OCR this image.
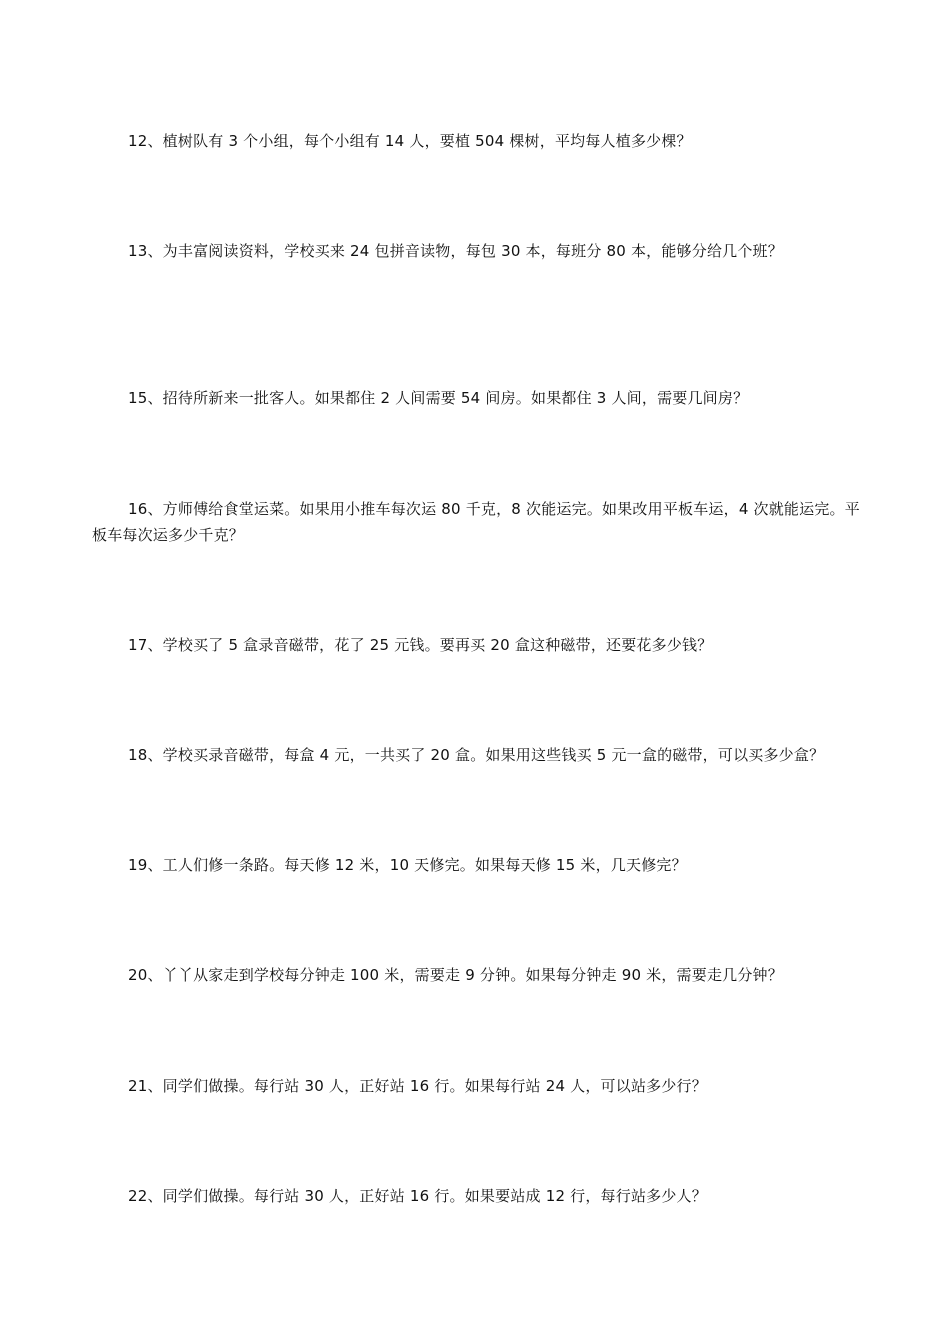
12、植树队有 3 个小组，每个小组有 14 人，要植 504 棵树，平均每人植多少棵？

13、为丰富阅读资料，学校买来 24 包拼音读物，每包 30 本，每班分 80 本，能够分给几个班？

15、招待所新来一批客人。如果都住 2 人间需要 54 间房。如果都住 3 人间，需要几间房？

16、方师傅给食堂运菜。如果用小推车每次运 80 千克，8 次能运完。如果改用平板车运，4 次就能运完。平板车每次运多少千克？

17、学校买了 5 盒录音磁带，花了 25 元钱。要再买 20 盒这种磁带，还要花多少钱？

18、学校买录音磁带，每盒 4 元，一共买了 20 盒。如果用这些钱买 5 元一盒的磁带，可以买多少盒？

19、工人们修一条路。每天修 12 米，10 天修完。如果每天修 15 米，几天修完？

20、丫丫从家走到学校每分钟走 100 米，需要走 9 分钟。如果每分钟走 90 米，需要走几分钟？

21、同学们做操。每行站 30 人，正好站 16 行。如果每行站 24 人，可以站多少行？

22、同学们做操。每行站 30 人，正好站 16 行。如果要站成 12 行，每行站多少人？
